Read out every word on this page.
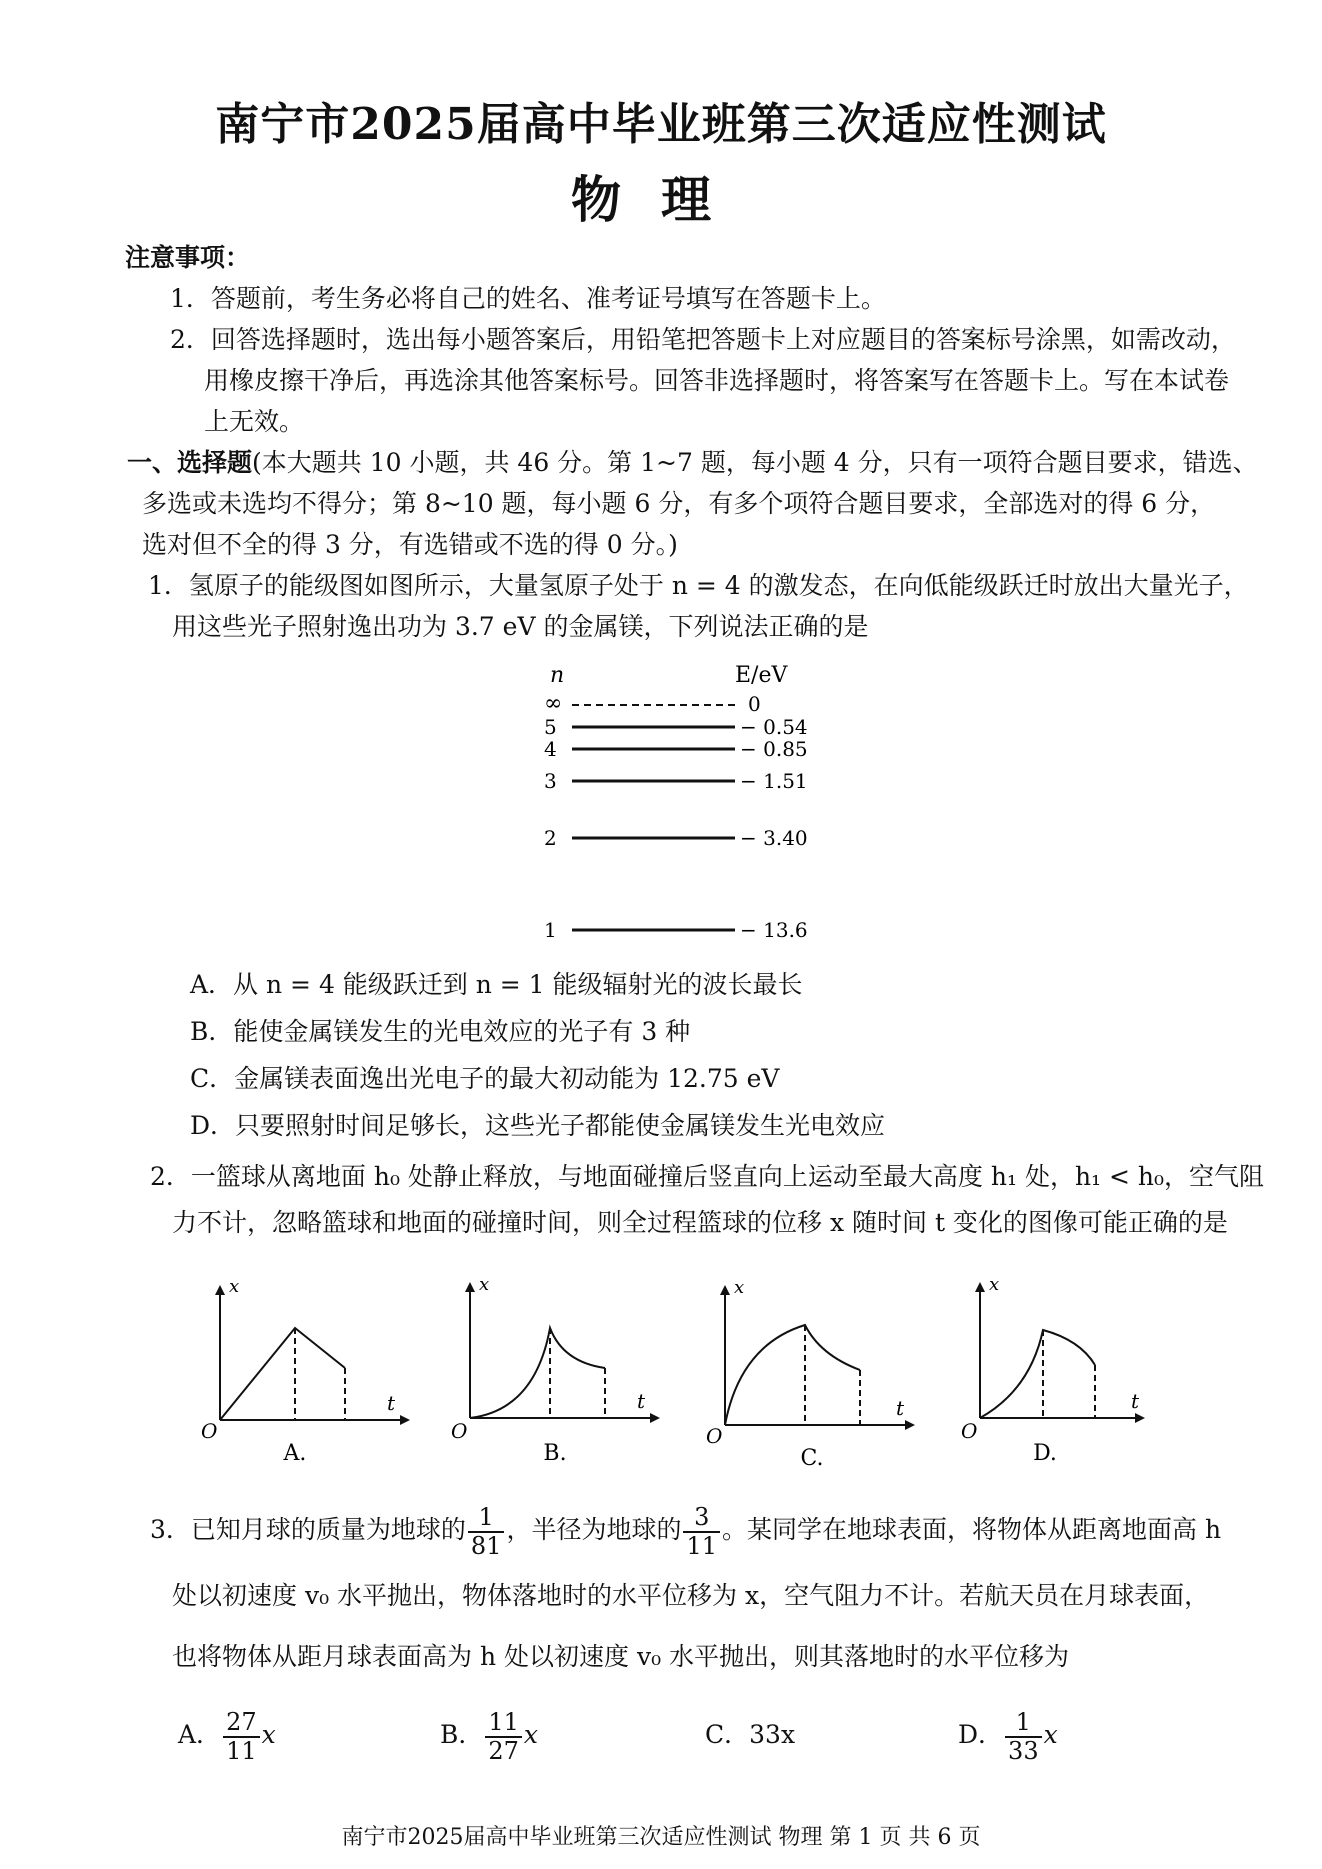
南宁市2025届高中毕业班第三次适应性测试
物理
注意事项：
1．答题前，考生务必将自己的姓名、准考证号填写在答题卡上。
2．回答选择题时，选出每小题答案后，用铅笔把答题卡上对应题目的答案标号涂黑，如需改动，
用橡皮擦干净后，再选涂其他答案标号。回答非选择题时，将答案写在答题卡上。写在本试卷
上无效。
一、选择题(本大题共 10 小题，共 46 分。第 1~7 题，每小题 4 分，只有一项符合题目要求，错选、
多选或未选均不得分；第 8~10 题，每小题 6 分，有多个项符合题目要求，全部选对的得 6 分，
选对但不全的得 3 分，有选错或不选的得 0 分。)
1．氢原子的能级图如图所示，大量氢原子处于 n = 4 的激发态，在向低能级跃迁时放出大量光子，
用这些光子照射逸出功为 3.7 eV 的金属镁，下列说法正确的是
n	E/eV
∞	0
5	− 0.54
4	− 0.85
3	− 1.51
2	− 3.40
1	− 13.6
A．从 n = 4 能级跃迁到 n = 1 能级辐射光的波长最长
B．能使金属镁发生的光电效应的光子有 3 种
C．金属镁表面逸出光电子的最大初动能为 12.75 eV
D．只要照射时间足够长，这些光子都能使金属镁发生光电效应
2．一篮球从离地面 h₀ 处静止释放，与地面碰撞后竖直向上运动至最大高度 h₁ 处，h₁ < h₀，空气阻
力不计，忽略篮球和地面的碰撞时间，则全过程篮球的位移 x 随时间 t 变化的图像可能正确的是
x
t
O
A.
x
t
O
B.
x
t
O
C.
x
t
O
D.
3．已知月球的质量为地球的 $\frac{1}{81}$ ，半径为地球的 $\frac{3}{11}$ 。某同学在地球表面，将物体从距离地面高 h
处以初速度 v₀ 水平抛出，物体落地时的水平位移为 x，空气阻力不计。若航天员在月球表面，
也将物体从距月球表面高为 h 处以初速度 v₀ 水平抛出，则其落地时的水平位移为
A． $\frac{27}{11}$ x	B． $\frac{11}{27}$ x	C．33x	D． $\frac{1}{33}$ x
南宁市2025届高中毕业班第三次适应性测试 物理 第 1 页 共 6 页
